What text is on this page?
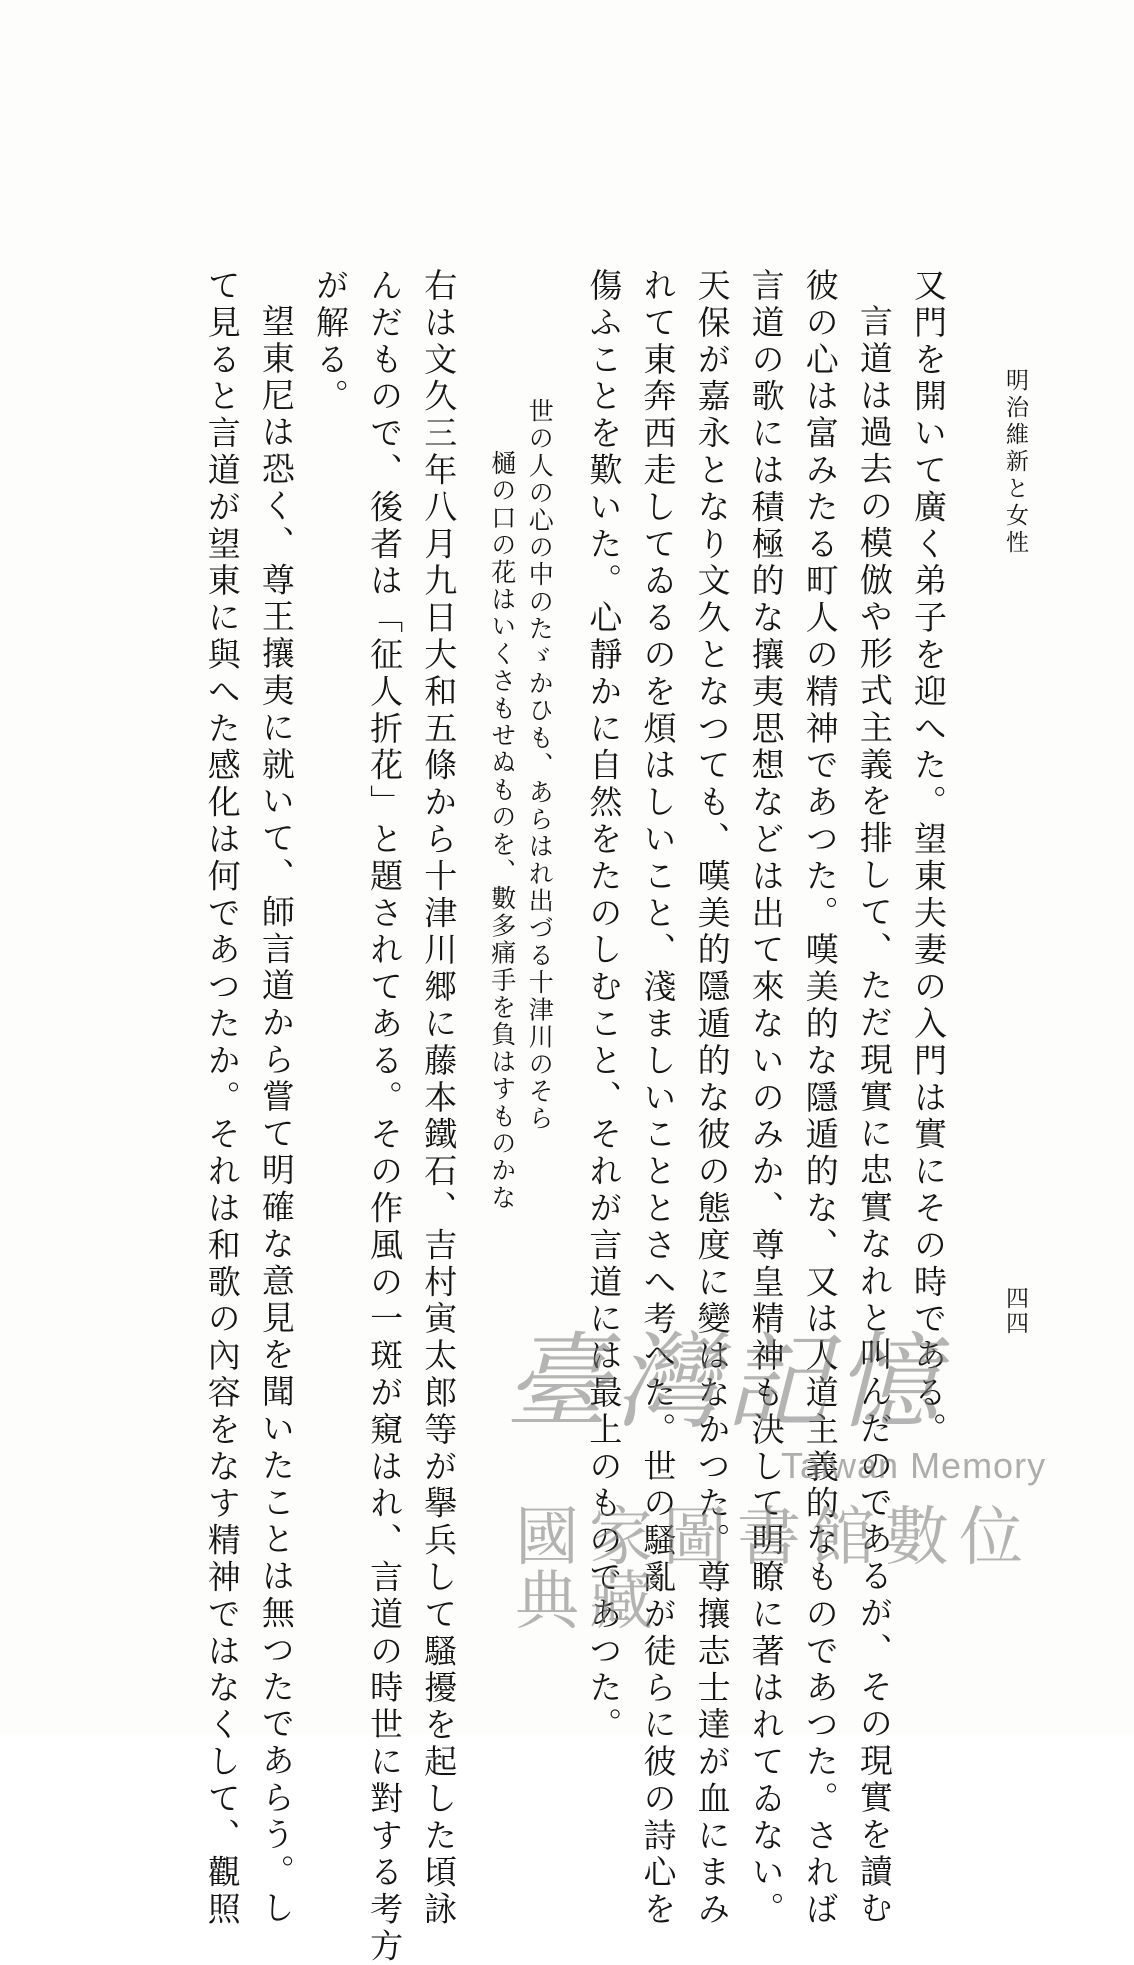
明治維新と女性
四四
又門を開いて廣く弟子を迎へた。望東夫妻の入門は實にその時である。
言道は過去の模倣や形式主義を排して、ただ現實に忠實なれと叫んだのであるが、その現實を讀む
彼の心は富みたる町人の精神であつた。嘆美的な隱遁的な、又は人道主義的なものであつた。されば
言道の歌には積極的な攘夷思想などは出て來ないのみか、尊皇精神も決して明瞭に著はれてゐない。
天保が嘉永となり文久となつても、嘆美的隱遁的な彼の態度に變はなかつた。尊攘志士達が血にまみ
れて東奔西走してゐるのを煩はしいこと、淺ましいこととさへ考へた。世の騷亂が徒らに彼の詩心を
傷ふことを歎いた。心靜かに自然をたのしむこと、それが言道には最上のものであつた。
世の人の心の中のたゞかひも、あらはれ出づる十津川のそら
樋の口の花はいくさもせぬものを、數多痛手を負はすものかな
右は文久三年八月九日大和五條から十津川郷に藤本鐵石、吉村寅太郎等が擧兵して騷擾を起した頃詠
んだもので、後者は「征人折花」と題されてある。その作風の一斑が窺はれ、言道の時世に對する考方
が解る。
望東尼は恐く、尊王攘夷に就いて、師言道から嘗て明確な意見を聞いたことは無つたであらう。し
て見ると言道が望東に與へた感化は何であつたか。それは和歌の內容をなす精神ではなくして、觀照	臺灣記憶
Taiwan Memory
國家圖書館數位典藏
